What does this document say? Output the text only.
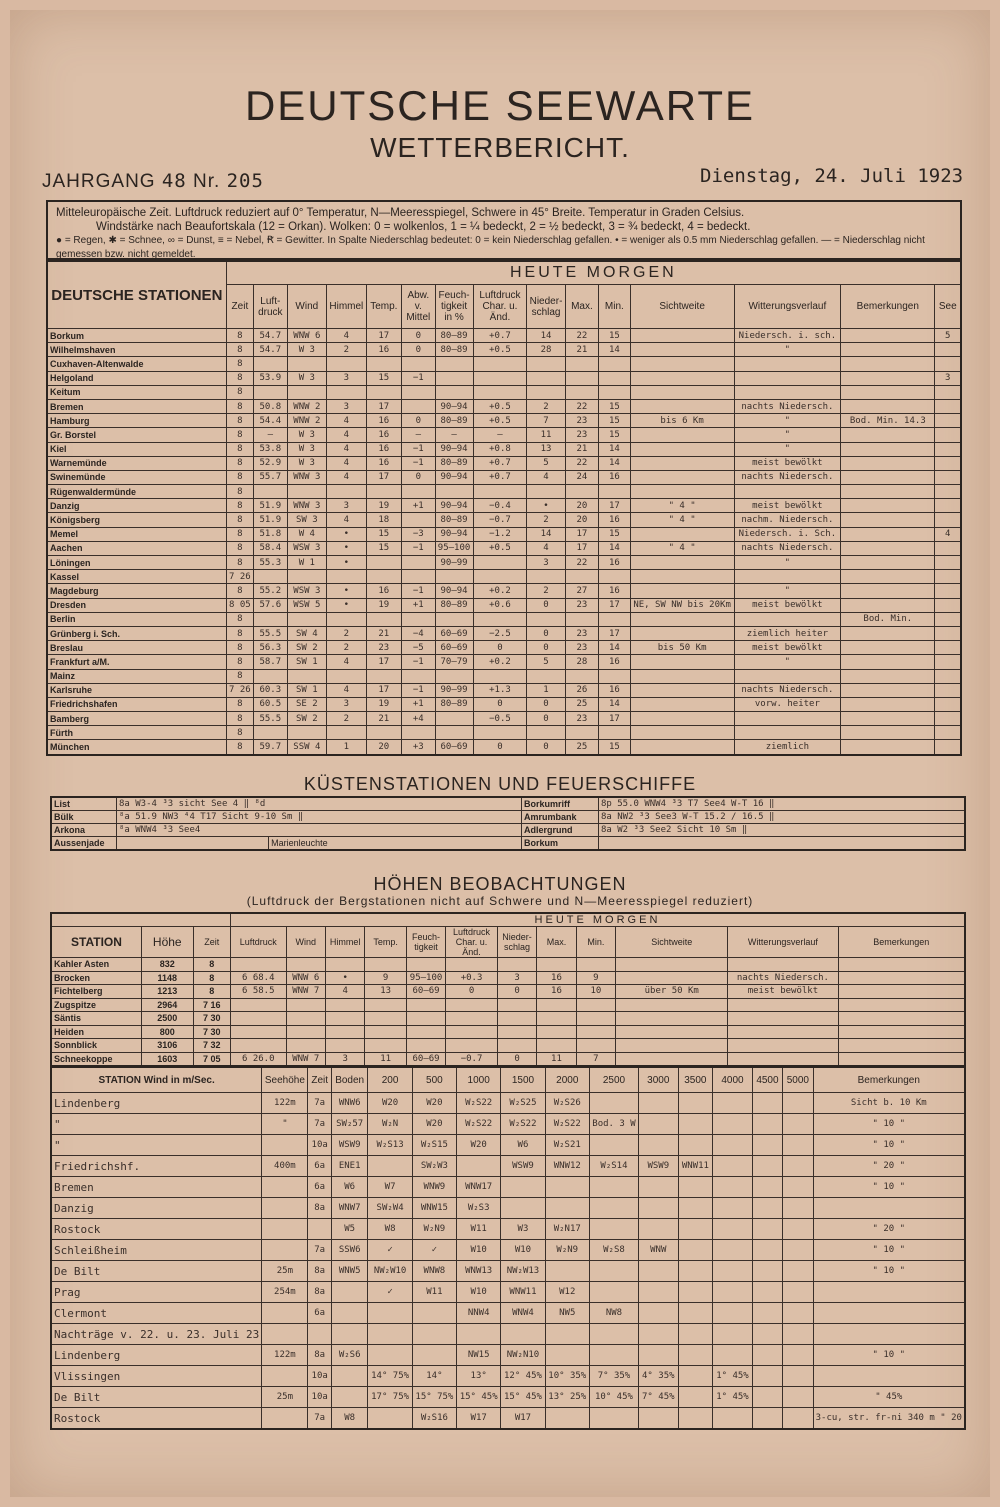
DEUTSCHE SEEWARTE
WETTERBERICHT.
JAHRGANG 48 Nr. 205	Dienstag, 24. Juli 1923
Mitteleuropäische Zeit. Luftdruck reduziert auf 0° Temperatur, N—Meeresspiegel, Schwere in 45° Breite. Temperatur in Graden Celsius.
Windstärke nach Beaufortskala (12 = Orkan). Wolken: 0 = wolkenlos, 1 = ¼ bedeckt, 2 = ½ bedeckt, 3 = ¾ bedeckt, 4 = bedeckt.
● = Regen, ✱ = Schnee, ∞ = Dunst, ≡ = Nebel, Ꞧ = Gewitter. In Spalte Niederschlag bedeutet: 0 = kein Niederschlag gefallen. • = weniger als 0.5 mm Niederschlag gefallen. — = Niederschlag nicht gemessen bzw. nicht gemeldet.
DEUTSCHE STATIONEN	HEUTE MORGEN														
	Zeit	Luft-druck	Wind	Himmel	Temp.	Abw. v. Mittel	Feuch-tigkeit in %	Luftdruck Char. u. Änd.	Nieder-schlag	Max.	Min.	Sichtweite	Witterungsverlauf	Bemerkungen	See
Borkum	8	54.7	WNW 6	4	17	0	80—89	+0.7	14	22	15		Niedersch. i. sch.		5
Wilhelmshaven	8	54.7	W 3	2	16	0	80—89	+0.5	28	21	14		"		
Cuxhaven-Altenwalde	8														
Helgoland	8	53.9	W 3	3	15	−1									3
Keitum	8														
Bremen	8	50.8	WNW 2	3	17		90—94	+0.5	2	22	15		nachts Niedersch.		
Hamburg	8	54.4	WNW 2	4	16	0	80—89	+0.5	7	23	15	bis 6 Km	"	Bod. Min. 14.3	
Gr. Borstel	8	—	W 3	4	16	—	—	—	11	23	15		"		
Kiel	8	53.8	W 3	4	16	−1	90—94	+0.8	13	21	14		"		
Warnemünde	8	52.9	W 3	4	16	−1	80—89	+0.7	5	22	14		meist bewölkt		
Swinemünde	8	55.7	WNW 3	4	17	0	90—94	+0.7	4	24	16		nachts Niedersch.		
Rügenwaldermünde	8														
Danzig	8	51.9	WNW 3	3	19	+1	90—94	−0.4	•	20	17	" 4 "	meist bewölkt		
Königsberg	8	51.9	SW 3	4	18		80—89	−0.7	2	20	16	" 4 "	nachm. Niedersch.		
Memel	8	51.8	W 4	•	15	−3	90—94	−1.2	14	17	15		Niedersch. i. Sch.		4
Aachen	8	58.4	WSW 3	•	15	−1	95—100	+0.5	4	17	14	" 4 "	nachts Niedersch.		
Löningen	8	55.3	W 1	•			90—99		3	22	16		"		
Kassel	7 26														
Magdeburg	8	55.2	WSW 3	•	16	−1	90—94	+0.2	2	27	16		"		
Dresden	8 05	57.6	WSW 5	•	19	+1	80—89	+0.6	0	23	17	NE, SW NW bis 20Km	meist bewölkt		
Berlin	8													Bod. Min.	
Grünberg i. Sch.	8	55.5	SW 4	2	21	−4	60—69	−2.5	0	23	17		ziemlich heiter		
Breslau	8	56.3	SW 2	2	23	−5	60—69	0	0	23	14	bis 50 Km	meist bewölkt		
Frankfurt a/M.	8	58.7	SW 1	4	17	−1	70—79	+0.2	5	28	16		"		
Mainz	8														
Karlsruhe	7 26	60.3	SW 1	4	17	−1	90—99	+1.3	1	26	16		nachts Niedersch.		
Friedrichshafen	8	60.5	SE 2	3	19	+1	80—89	0	0	25	14		vorw. heiter		
Bamberg	8	55.5	SW 2	2	21	+4		−0.5	0	23	17				
Fürth	8														
München	8	59.7	SSW 4	1	20	+3	60—69	0	0	25	15		ziemlich		
KÜSTENSTATIONEN UND FEUERSCHIFFE
List	8a W3-4 ³3 sicht See 4 ‖ ⁸d		Borkumriff	8p 55.0 WNW4 ³3 T7 See4 W-T 16 ‖
Bülk	⁸a 51.9 NW3 ⁴4 T17 Sicht 9-10 Sm ‖		Amrumbank	8a NW2 ³3 See3 W-T 15.2 / 16.5 ‖
Arkona	⁸a WNW4 ³3 See4		Adlergrund	8a W2 ³3 See2 Sicht 10 Sm ‖
Aussenjade		Marienleuchte	Borkum	
HÖHEN BEOBACHTUNGEN
(Luftdruck der Bergstationen nicht auf Schwere und N—Meeresspiegel reduziert)
			HEUTE MORGEN											
STATION	Höhe	Zeit	Luftdruck	Wind	Himmel	Temp.	Feuch-tigkeit	Luftdruck Char. u. Änd.	Nieder-schlag	Max.	Min.	Sichtweite	Witterungsverlauf	Bemerkungen
Kahler Asten	832	8												
Brocken	1148	8	6 68.4	WNW 6	•	9	95—100	+0.3	3	16	9		nachts Niedersch.	
Fichtelberg	1213	8	6 58.5	WNW 7	4	13	60—69	0	0	16	10	über 50 Km	meist bewölkt	
Zugspitze	2964	7 16												
Säntis	2500	7 30												
Heiden	800	7 30												
Sonnblick	3106	7 32												
Schneekoppe	1603	7 05	6 26.0	WNW 7	3	11	60—69	−0.7	0	11	7			
STATION Wind in m/Sec.	Seehöhe	Zeit	Boden	200	500	1000	1500	2000	2500	3000	3500	4000	4500	5000	Bemerkungen
Lindenberg	122m	7a	WNW6	W20	W20	W₂S22	W₂S25	W₂S26							Sicht b. 10 Km
"	"	7a	SW₂57	W₂N	W20	W₂S22	W₂S22	W₂S22	Bod. 3 W						" 10 "
"		10a	WSW9	W₂S13	W₂S15	W20	W6	W₂S21							" 10 "
Friedrichshf.	400m	6a	ENE1		SW₂W3		WSW9	WNW12	W₂S14	WSW9	WNW11				" 20 "
Bremen		6a	W6	W7	WNW9	WNW17									" 10 "
Danzig		8a	WNW7	SW₂W4	WNW15	W₂S3									
Rostock			W5	W8	W₂N9	W11	W3	W₂N17							" 20 "
Schleißheim		7a	SSW6	✓	✓	W10	W10	W₂N9	W₂S8	WNW					" 10 "
De Bilt	25m	8a	WNW5	NW₂W10	WNW8	WNW13	NW₂W13								" 10 "
Prag	254m	8a		✓	W11	W10	WNW11	W12							
Clermont		6a				NNW4	WNW4	NW5	NW8						
Nachträge v. 22. u. 23. Juli 23															
Lindenberg	122m	8a	W₂S6			NW15	NW₂N10								" 10 "
Vlissingen		10a		14° 75%	14°	13°	12° 45%	10° 35%	7° 35%	4° 35%		1° 45%			
De Bilt	25m	10a		17° 75%	15° 75%	15° 45%	15° 45%	13° 25%	10° 45%	7° 45%		1° 45%			" 45%
Rostock		7a	W8		W₂S16	W17	W17								3-cu, str. fr-ni 340 m " 20
